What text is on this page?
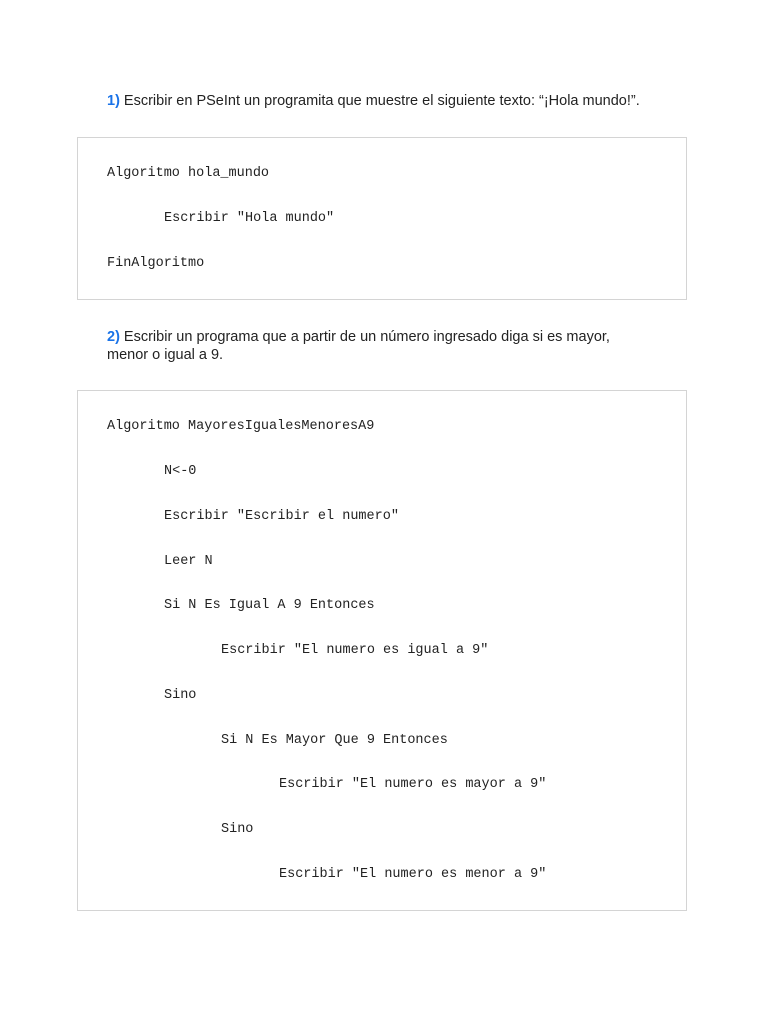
1) Escribir en PSeInt un programita que muestre el siguiente texto: “¡Hola mundo!”.
Algoritmo hola_mundo
Escribir "Hola mundo"
FinAlgoritmo
2) Escribir un programa que a partir de un número ingresado diga si es mayor, menor o igual a 9.
Algoritmo MayoresIgualesMenoresA9
N<-0
Escribir "Escribir el numero"
Leer N
Si N Es Igual A 9 Entonces
Escribir "El numero es igual a 9"
Sino
Si N Es Mayor Que 9 Entonces
Escribir "El numero es mayor a 9"
Sino
Escribir "El numero es menor a 9"
